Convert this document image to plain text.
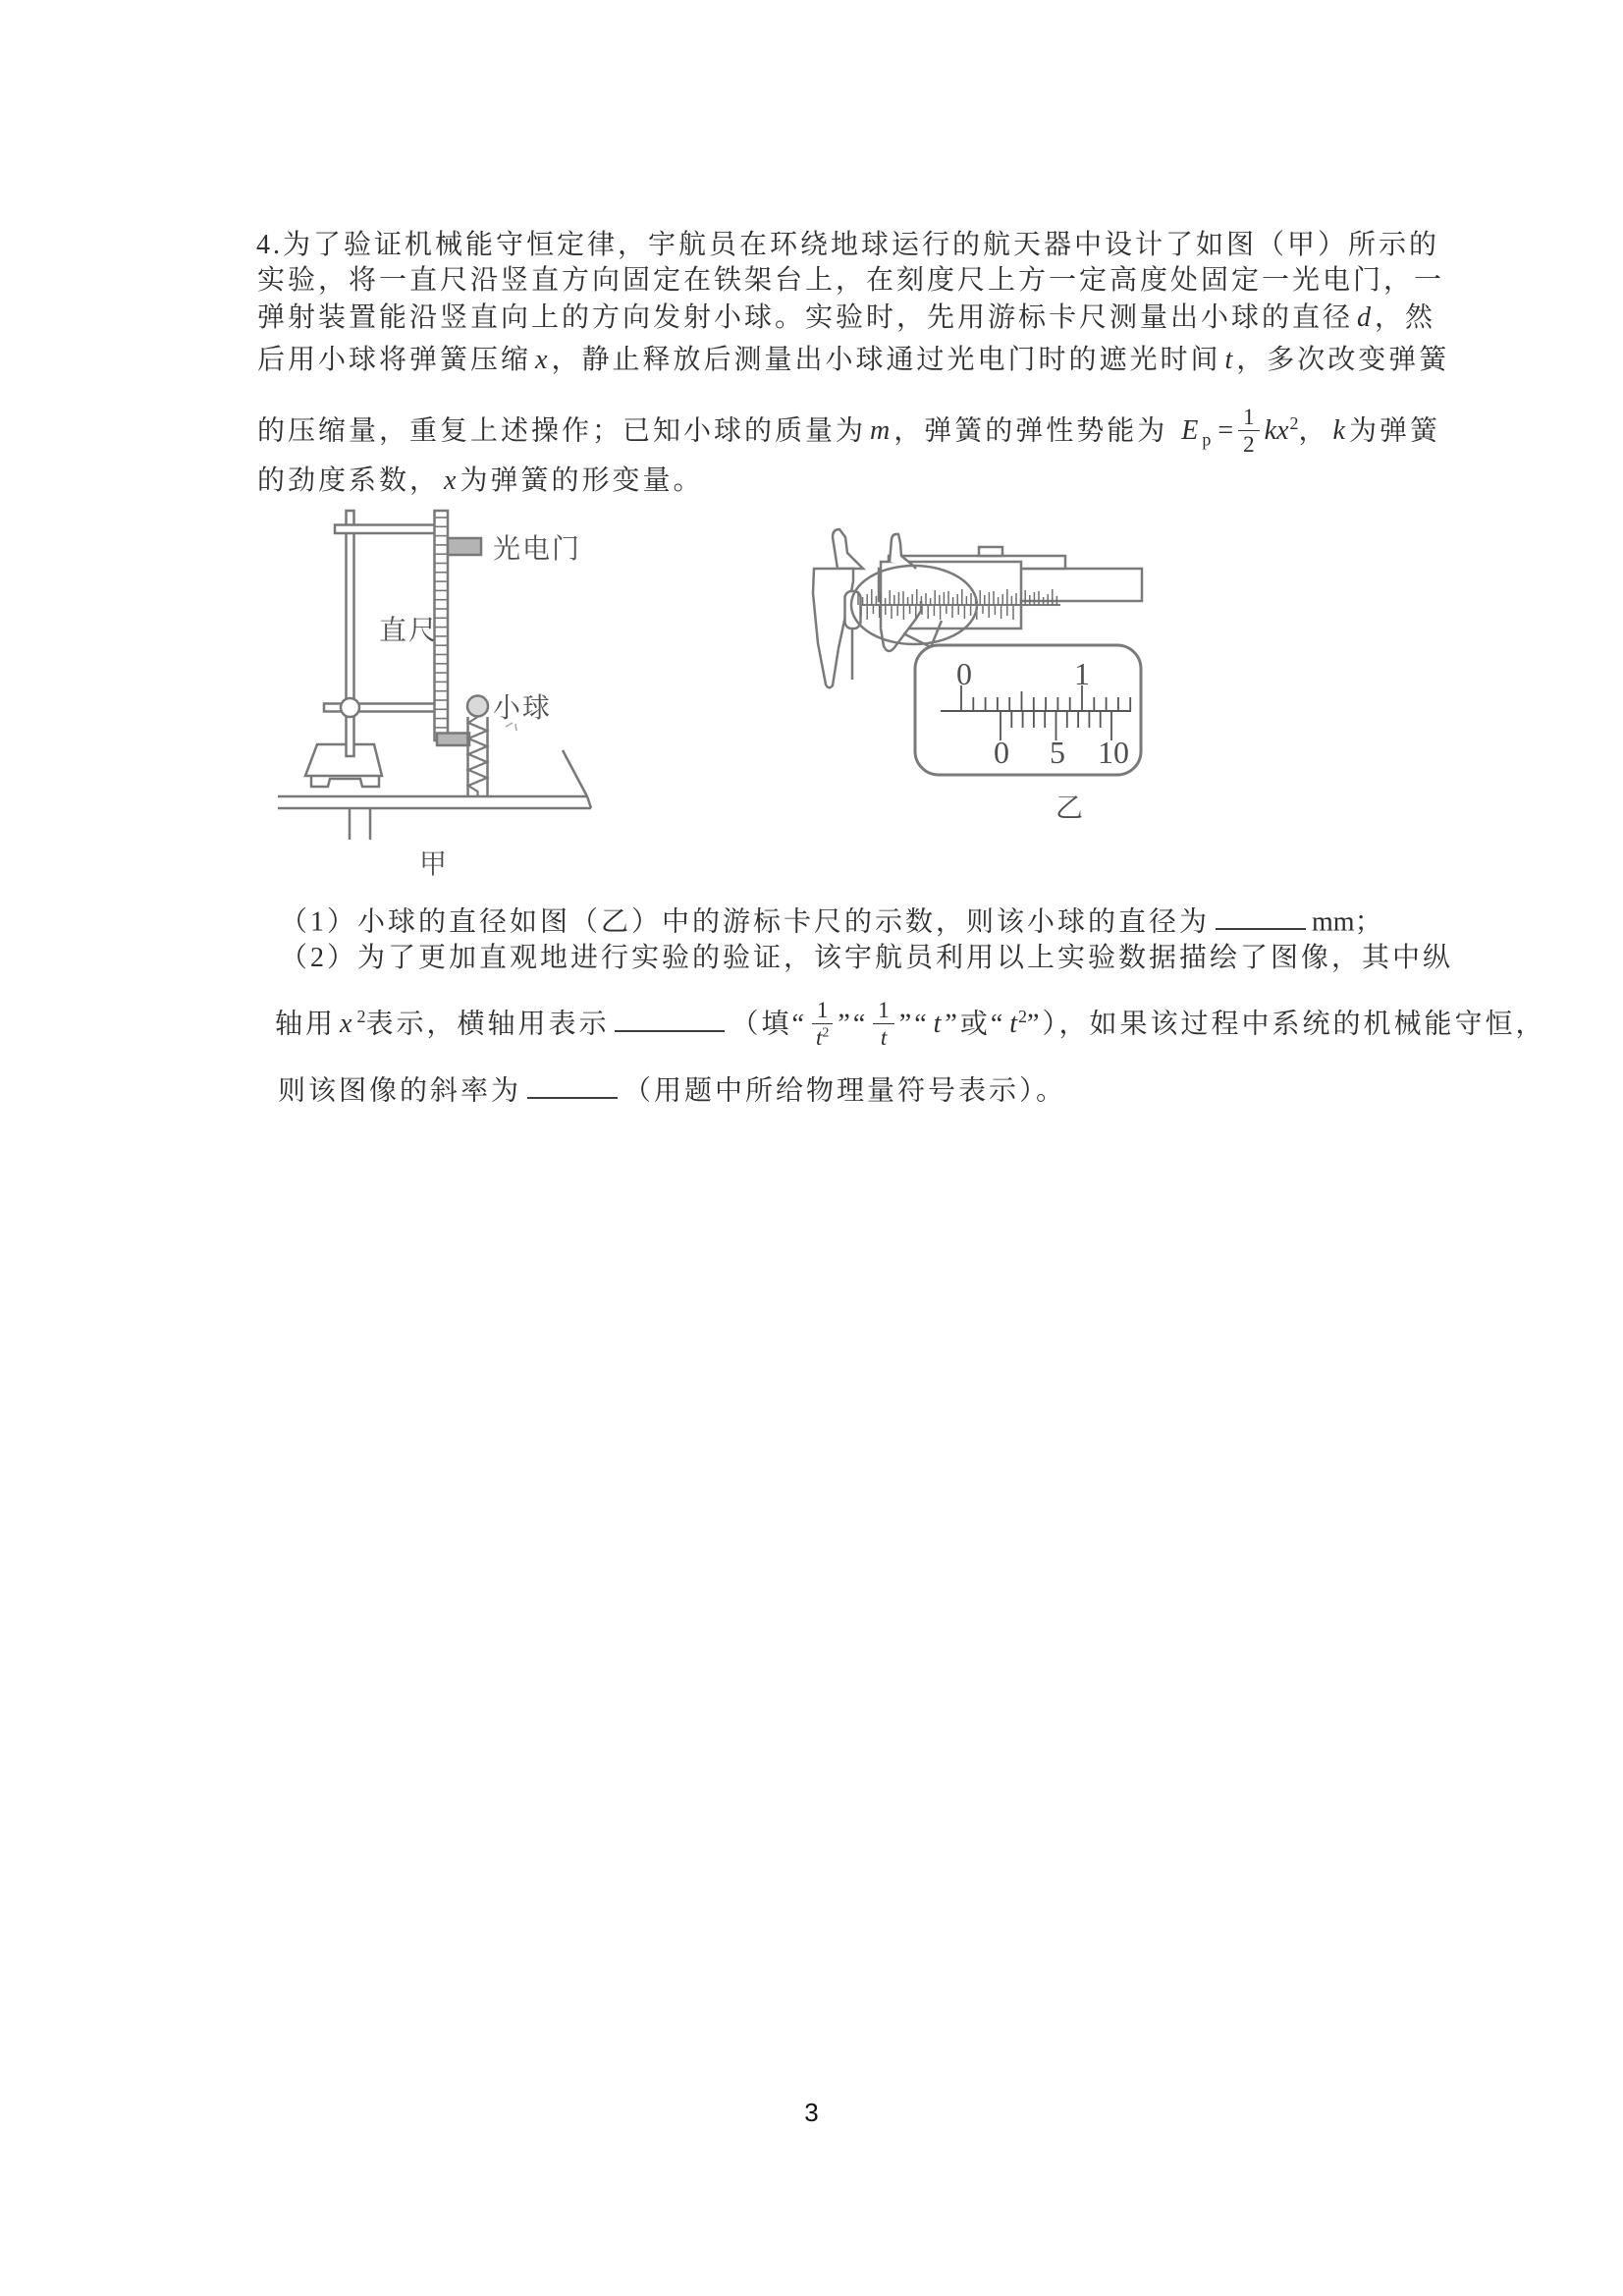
4.为了验证机械能守恒定律，宇航员在环绕地球运行的航天器中设计了如图（甲）所示的
实验，将一直尺沿竖直方向固定在铁架台上，在刻度尺上方一定高度处固定一光电门，一
弹射装置能沿竖直向上的方向发射小球。实验时，先用游标卡尺测量出小球的直径 d ，然
后用小球将弹簧压缩 x ，静止释放后测量出小球通过光电门时的遮光时间 t ，多次改变弹簧
的压缩量，重复上述操作；已知小球的质量为 m ，弹簧的弹性势能为 E $_p = \frac{1}{2} kx^2$， k 为弹簧
的劲度系数， x 为弹簧的形变量。
光电门
直尺
小球
甲
0	1
0 5 10
乙
（1）小球的直径如图（乙）中的游标卡尺的示数，则该小球的直径为	mm；
（2）为了更加直观地进行实验的验证，该宇航员利用以上实验数据描绘了图像，其中纵
轴用 x $^2$表示，横轴用表示	（填“ $\frac{1}{t^2}$ ”“ $\frac{1}{t}$ ”“ t ”或“ $t^2$”），如果该过程中系统的机械能守恒，
则该图像的斜率为	（用题中所给物理量符号表示）。
3
